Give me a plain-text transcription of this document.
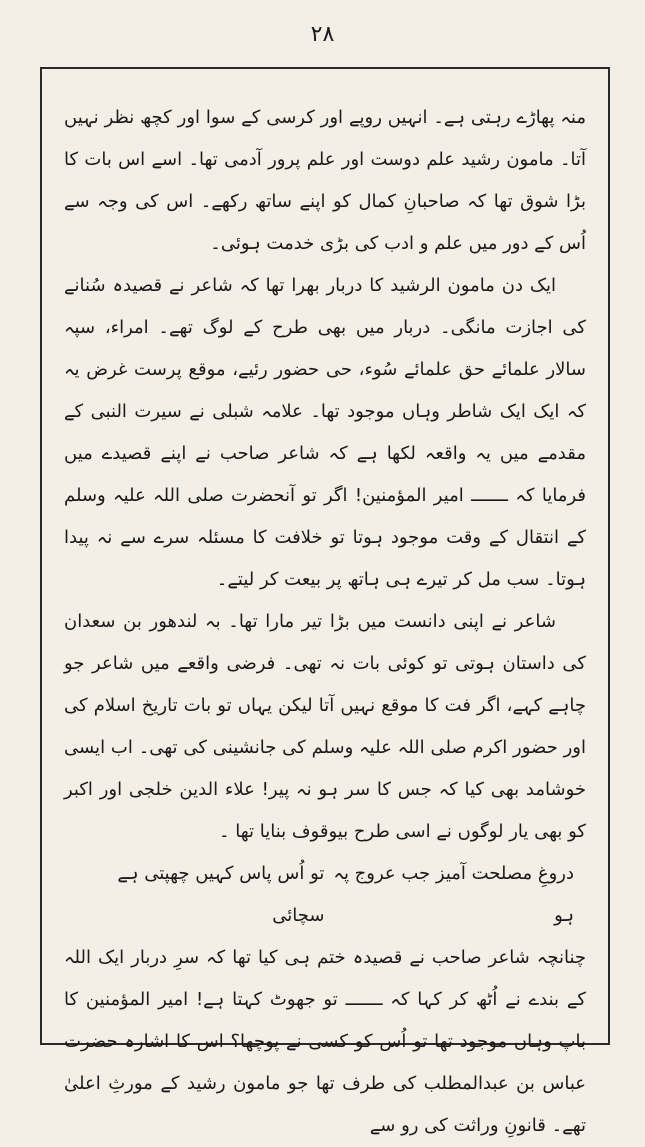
۲۸

منہ پھاڑے رہتی ہے۔ انہیں روپے اور کرسی کے سوا اور کچھ نظر نہیں آتا۔ مامون رشید علم دوست اور علم پرور آدمی تھا۔ اسے اس بات کا بڑا شوق تھا کہ صاحبانِ کمال کو اپنے ساتھ رکھے۔ اس کی وجہ سے اُس کے دور میں علم و ادب کی بڑی خدمت ہوئی۔

ایک دن مامون الرشید کا دربار بھرا تھا کہ شاعر نے قصیدہ سُنانے کی اجازت مانگی۔ دربار میں بھی طرح کے لوگ تھے۔ امراء، سپہ سالار علمائے حق علمائے سُوء، حی حضور رئیے، موقع پرست غرض یہ کہ ایک ایک شاطر وہاں موجود تھا۔ علامہ شبلی نے سیرت النبی کے مقدمے میں یہ واقعہ لکھا ہے کہ شاعر صاحب نے اپنے قصیدے میں فرمایا کہ ـــــــ امیر المؤمنین! اگر تو آنحضرت صلی اللہ علیہ وسلم کے انتقال کے وقت موجود ہوتا تو خلافت کا مسئلہ سرے سے نہ پیدا ہوتا۔ سب مل کر تیرے ہی ہاتھ پر بیعت کر لیتے۔

شاعر نے اپنی دانست میں بڑا تیر مارا تھا۔ بہ لندھور بن سعدان کی داستان ہوتی تو کوئی بات نہ تھی۔ فرضی واقعے میں شاعر جو چاہے کہے، اگر فت کا موقع نہیں آتا لیکن یہاں تو بات تاریخ اسلام کی اور حضور اکرم صلی اللہ علیہ وسلم کی جانشینی کی تھی۔ اب ایسی خوشامد بھی کیا کہ جس کا سر ہو نہ پیر! علاء الدین خلجی اور اکبر کو بھی یار لوگوں نے اسی طرح بیوقوف بنایا تھا ۔

دروغِ مصلحت آمیز جب عروج پہ ہو
تو اُس پاس کہیں چھپتی ہے سچائی

چنانچہ شاعر صاحب نے قصیدہ ختم ہی کیا تھا کہ سرِ دربار ایک اللہ کے بندے نے اُٹھ کر کہا کہ ـــــــ تو جھوٹ کہتا ہے! امیر المؤمنین کا باپ وہاں موجود تھا تو اُس کو کسی نے پوچھا؟ اس کا اشارہ حضرت عباس بن عبدالمطلب کی طرف تھا جو مامون رشید کے مورثِ اعلیٰ تھے۔ قانونِ وراثت کی رو سے
